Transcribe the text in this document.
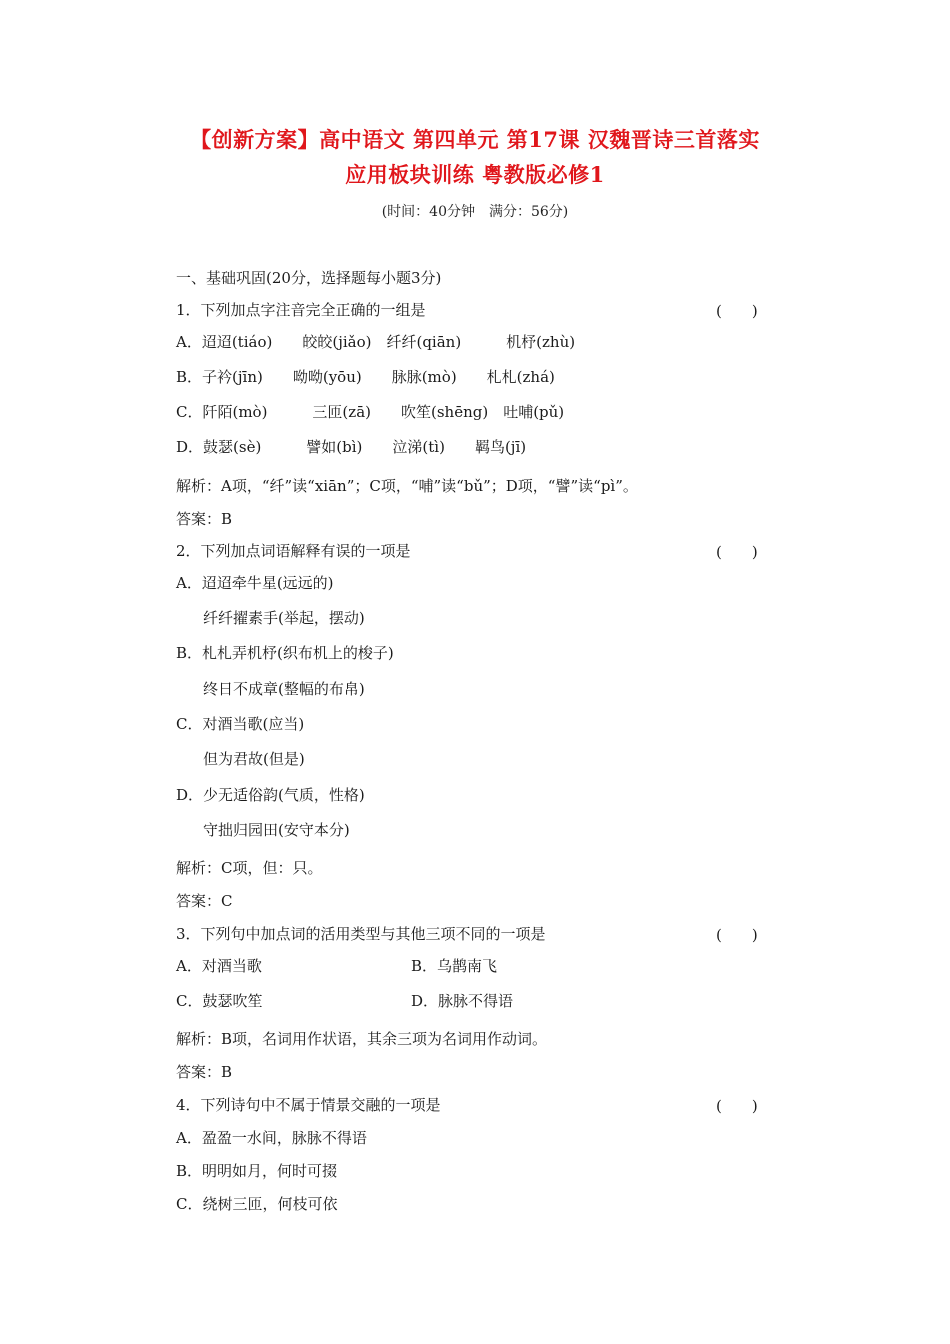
【创新方案】高中语文 第四单元 第17课 汉魏晋诗三首落实
应用板块训练 粤教版必修1
(时间：40分钟　满分：56分)
一、基础巩固(20分，选择题每小题3分)
1．下列加点字注音完全正确的一组是	(　　)
A．迢迢(tiáo)　　皎皎(jiǎo)　纤纤(qiān)　　　机杼(zhù)
B．子衿(jīn)　　呦呦(yōu)　　脉脉(mò)　　札札(zhá)
C．阡陌(mò)　　　三匝(zā)　　吹笙(shēng)　吐哺(pǔ)
D．鼓瑟(sè)　　　譬如(bì)　　泣涕(tì)　　羁鸟(jī)
解析：A项，“纤”读“xiān”；C项，“哺”读“bǔ”；D项，“譬”读“pì”。
答案：B
2．下列加点词语解释有误的一项是	(　　)
A．迢迢牵牛星(远远的)
纤纤擢素手(举起，摆动)
B．札札弄机杼(织布机上的梭子)
终日不成章(整幅的布帛)
C．对酒当歌(应当)
但为君故(但是)
D．少无适俗韵(气质，性格)
守拙归园田(安守本分)
解析：C项，但：只。
答案：C
3．下列句中加点词的活用类型与其他三项不同的一项是	(　　)
A．对酒当歌	B．乌鹊南飞
C．鼓瑟吹笙	D．脉脉不得语
解析：B项，名词用作状语，其余三项为名词用作动词。
答案：B
4．下列诗句中不属于情景交融的一项是	(　　)
A．盈盈一水间，脉脉不得语
B．明明如月，何时可掇
C．绕树三匝，何枝可依
